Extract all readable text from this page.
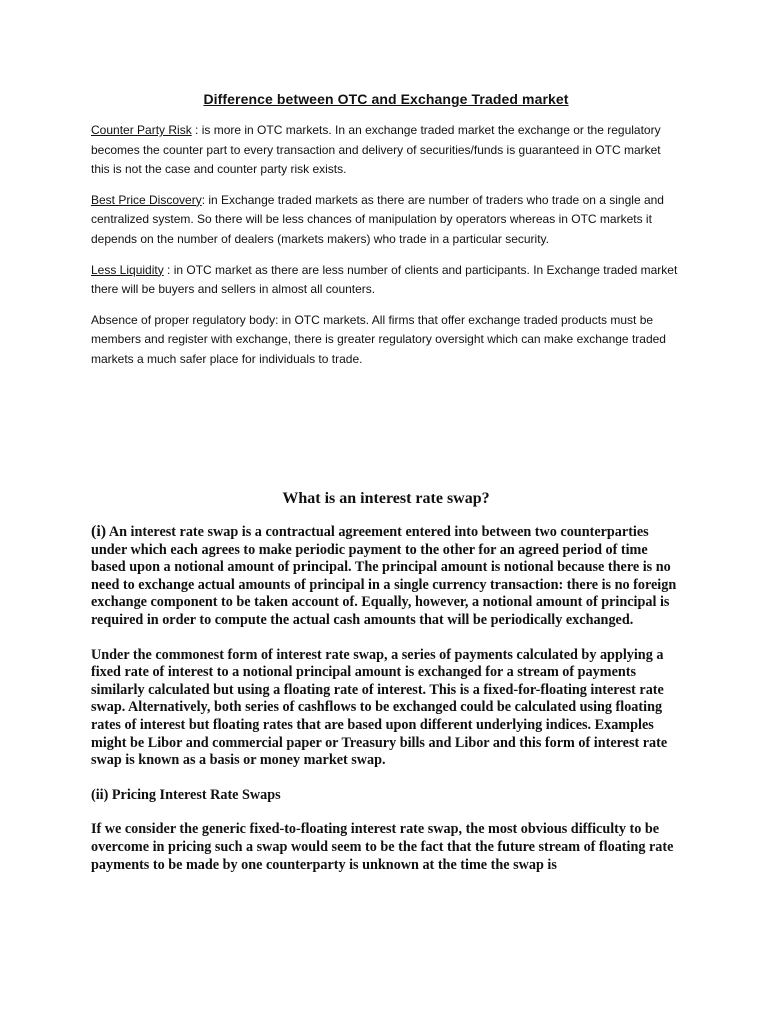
Difference between OTC and Exchange Traded market

Counter Party Risk : is more in OTC markets. In an exchange traded market the exchange or the regulatory becomes the counter part to every transaction and delivery of securities/funds is guaranteed in OTC market this is not the case and counter party risk exists.

Best Price Discovery: in Exchange traded markets as there are number of traders who trade on a single and centralized system. So there will be less chances of manipulation by operators whereas in OTC markets it depends on the number of dealers (markets makers) who trade in a particular security.

Less Liquidity : in OTC market as there are less number of clients and participants. In Exchange traded market there will be buyers and sellers in almost all counters.

Absence of proper regulatory body: in OTC markets. All firms that offer exchange traded products must be members and register with exchange, there is greater regulatory oversight which can make exchange traded markets a much safer place for individuals to trade.

What is an interest rate swap?

(i) An interest rate swap is a contractual agreement entered into between two counterparties under which each agrees to make periodic payment to the other for an agreed period of time based upon a notional amount of principal. The principal amount is notional because there is no need to exchange actual amounts of principal in a single currency transaction: there is no foreign exchange component to be taken account of. Equally, however, a notional amount of principal is required in order to compute the actual cash amounts that will be periodically exchanged.

Under the commonest form of interest rate swap, a series of payments calculated by applying a fixed rate of interest to a notional principal amount is exchanged for a stream of payments similarly calculated but using a floating rate of interest. This is a fixed-for-floating interest rate swap. Alternatively, both series of cashflows to be exchanged could be calculated using floating rates of interest but floating rates that are based upon different underlying indices. Examples might be Libor and commercial paper or Treasury bills and Libor and this form of interest rate swap is known as a basis or money market swap.

(ii) Pricing Interest Rate Swaps

If we consider the generic fixed-to-floating interest rate swap, the most obvious difficulty to be overcome in pricing such a swap would seem to be the fact that the future stream of floating rate payments to be made by one counterparty is unknown at the time the swap is
